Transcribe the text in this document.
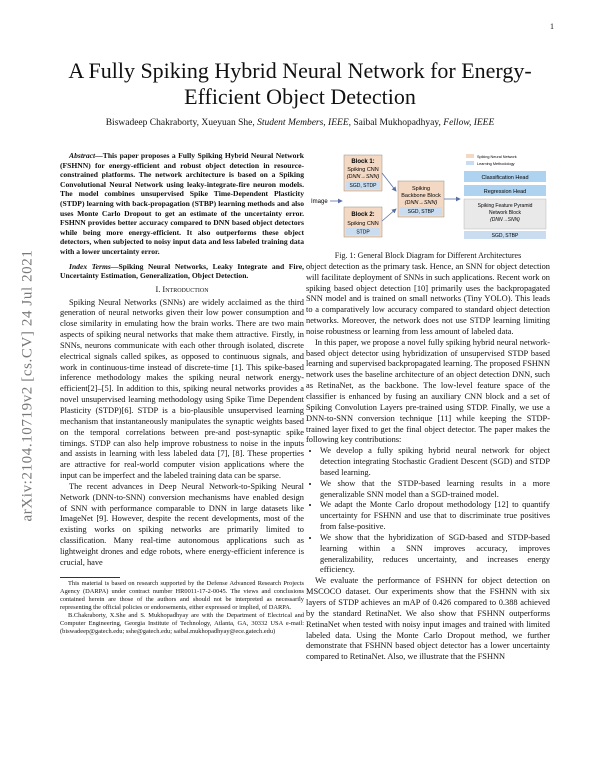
1
arXiv:2104.10719v2 [cs.CV] 24 Jul 2021
A Fully Spiking Hybrid Neural Network for Energy-Efficient Object Detection
Biswadeep Chakraborty, Xueyuan She, Student Members, IEEE, Saibal Mukhopadhyay, Fellow, IEEE

Abstract—This paper proposes a Fully Spiking Hybrid Neural Network (FSHNN) for energy-efficient and robust object detection in resource-constrained platforms. The network architecture is based on a Spiking Convolutional Neural Network using leaky-integrate-fire neuron models. The model combines unsupervised Spike Time-Dependent Plasticity (STDP) learning with back-propagation (STBP) learning methods and also uses Monte Carlo Dropout to get an estimate of the uncertainty error. FSHNN provides better accuracy compared to DNN based object detectors while being more energy-efficient. It also outperforms these object detectors, when subjected to noisy input data and less labeled training data with a lower uncertainty error.

Index Terms—Spiking Neural Networks, Leaky Integrate and Fire, Uncertainty Estimation, Generalization, Object Detection.

I. Introduction

Spiking Neural Networks (SNNs) are widely acclaimed as the third generation of neural networks given their low power consumption and close similarity in emulating how the brain works. There are two main aspects of spiking neural networks that make them attractive. Firstly, in SNNs, neurons communicate with each other through isolated, discrete electrical signals called spikes, as opposed to continuous signals, and work in continuous-time instead of discrete-time [1]. This spike-based inference methodology makes the spiking neural network energy-efficient[2]–[5]. In addition to this, spiking neural networks provides a novel unsupervised learning methodology using Spike Time Dependent Plasticity (STDP)[6]. STDP is a bio-plausible unsupervised learning mechanism that instantaneously manipulates the synaptic weights based on the temporal correlations between pre-and post-synaptic spike timings. STDP can also help improve robustness to noise in the inputs and assists in learning with less labeled data [7], [8]. These properties are attractive for real-world computer vision applications where the input can be imperfect and the labeled training data can be sparse.

The recent advances in Deep Neural Network-to-Spiking Neural Network (DNN-to-SNN) conversion mechanisms have enabled design of SNN with performance comparable to DNN in large datasets like ImageNet [9]. However, despite the recent developments, most of the existing works on spiking networks are primarily limited to classification. Many real-time autonomous applications such as lightweight drones and edge robots, where energy-efficient inference is crucial, have

This material is based on research supported by the Defense Advanced Research Projects Agency (DARPA) under contract number HR0011-17-2-0045. The views and conclusions contained herein are those of the authors and should not be interpreted as necessarily representing the official policies or endorsements, either expressed or implied, of DARPA.

B.Chakraborty, X.She and S. Mukhopadhyay are with the Department of Electrical and Computer Engineering, Georgia Institute of Technology, Atlanta, GA, 30332 USA e-mail:(biswadeep@gatech.edu; sshe@gatech.edu; saibal.mukhopadhyay@ece.gatech.edu)

Image
Block 1:
Spiking CNN
(DNN→SNN)
SGD, STDP
Block 2:
Spiking CNN
STDP
Spiking
Backbone Block
(DNN→SNN)
SGD, STBP
Spiking Neural Network
Learning Methodology
Classification Head
Regression Head
Spiking Feature Pyramid
Network Block
(DNN→SNN)
SGD, STBP

Fig. 1: General Block Diagram for Different Architectures

object detection as the primary task. Hence, an SNN for object detection will facilitate deployment of SNNs in such applications. Recent work on spiking based object detection [10] primarily uses the backpropagated SNN model and is trained on small networks (Tiny YOLO). This leads to a comparatively low accuracy compared to standard object detection networks. Moreover, the network does not use STDP learning limiting noise robustness or learning from less amount of labeled data.

In this paper, we propose a novel fully spiking hybrid neural network-based object detector using hybridization of unsupervised STDP based learning and supervised backpropagated learning. The proposed FSHNN network uses the baseline architecture of an object detection DNN, such as RetinaNet, as the backbone. The low-level feature space of the classifier is enhanced by fusing an auxiliary CNN block and a set of Spiking Convolution Layers pre-trained using STDP. Finally, we use a DNN-to-SNN conversion technique [11] while keeping the STDP-trained layer fixed to get the final object detector. The paper makes the following key contributions:

• We develop a fully spiking hybrid neural network for object detection integrating Stochastic Gradient Descent (SGD) and STDP based learning.
• We show that the STDP-based learning results in a more generalizable SNN model than a SGD-trained model.
• We adapt the Monte Carlo dropout methodology [12] to quantify uncertainty for FSHNN and use that to discriminate true positives from false-positive.
• We show that the hybridization of SGD-based and STDP-based learning within a SNN improves accuracy, improves generalizability, reduces uncertainty, and increases energy efficiency.

We evaluate the performance of FSHNN for object detection on MSCOCO dataset. Our experiments show that the FSHNN with six layers of STDP achieves an mAP of 0.426 compared to 0.388 achieved by the standard RetinaNet. We also show that FSHNN outperforms RetinaNet when tested with noisy input images and trained with limited labeled data. Using the Monte Carlo Dropout method, we further demonstrate that FSHNN based object detector has a lower uncertainty compared to RetinaNet. Also, we illustrate that the FSHNN
